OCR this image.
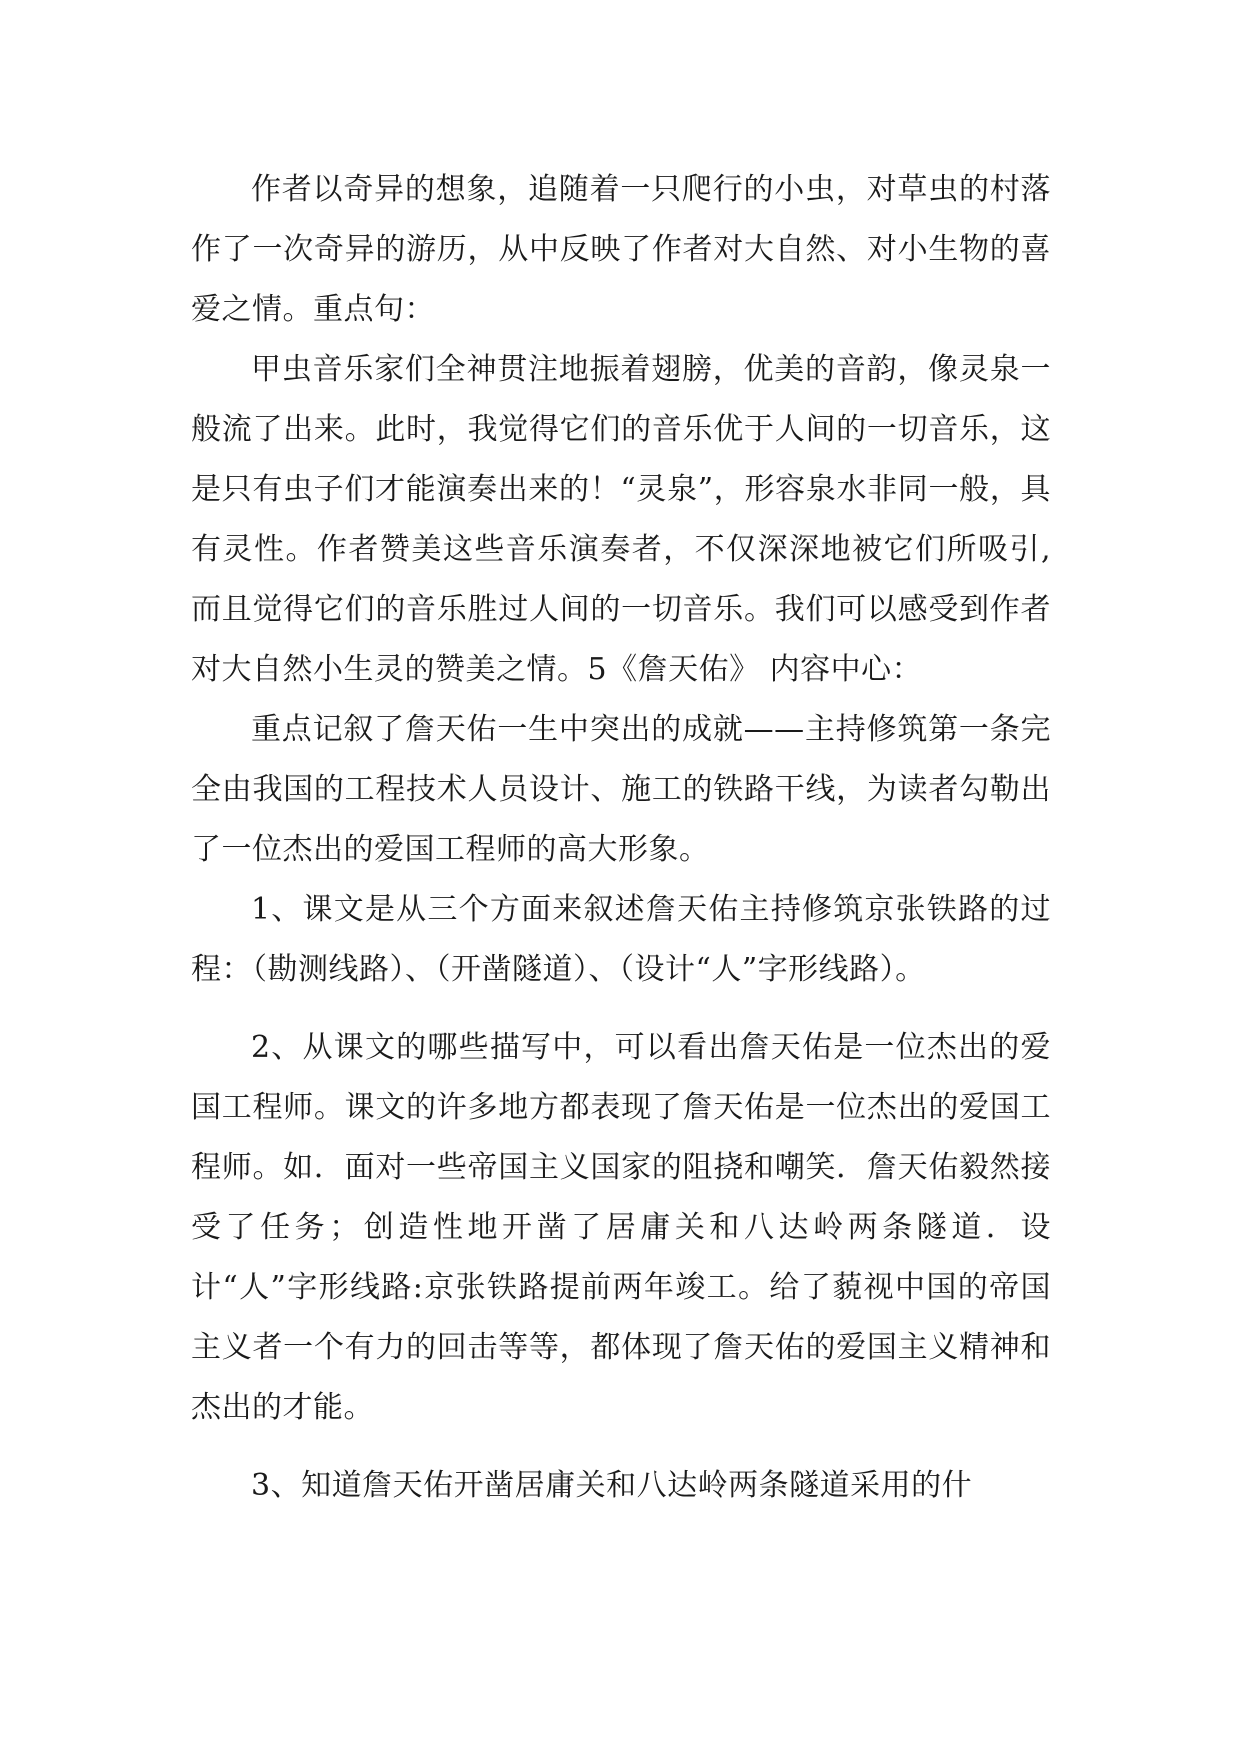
作者以奇异的想象，追随着一只爬行的小虫，对草虫的村落作了一次奇异的游历，从中反映了作者对大自然、对小生物的喜爱之情。重点句：

甲虫音乐家们全神贯注地振着翅膀，优美的音韵，像灵泉一般流了出来。此时，我觉得它们的音乐优于人间的一切音乐，这是只有虫子们才能演奏出来的！“灵泉”，形容泉水非同一般，具有灵性。作者赞美这些音乐演奏者，不仅深深地被它们所吸引,而且觉得它们的音乐胜过人间的一切音乐。我们可以感受到作者对大自然小生灵的赞美之情。5《詹天佑》 内容中心：

重点记叙了詹天佑一生中突出的成就——主持修筑第一条完全由我国的工程技术人员设计、施工的铁路干线，为读者勾勒出了一位杰出的爱国工程师的高大形象。

1、课文是从三个方面来叙述詹天佑主持修筑京张铁路的过程：（勘测线路）、（开凿隧道）、（设计“人”字形线路）。

2、从课文的哪些描写中，可以看出詹天佑是一位杰出的爱国工程师。课文的许多地方都表现了詹天佑是一位杰出的爱国工程师。如．面对一些帝国主义国家的阻挠和嘲笑．詹天佑毅然接受了任务；创造性地开凿了居庸关和八达岭两条隧道．设计“人”字形线路:京张铁路提前两年竣工。给了藐视中国的帝国主义者一个有力的回击等等，都体现了詹天佑的爱国主义精神和杰出的才能。

3、知道詹天佑开凿居庸关和八达岭两条隧道采用的什
